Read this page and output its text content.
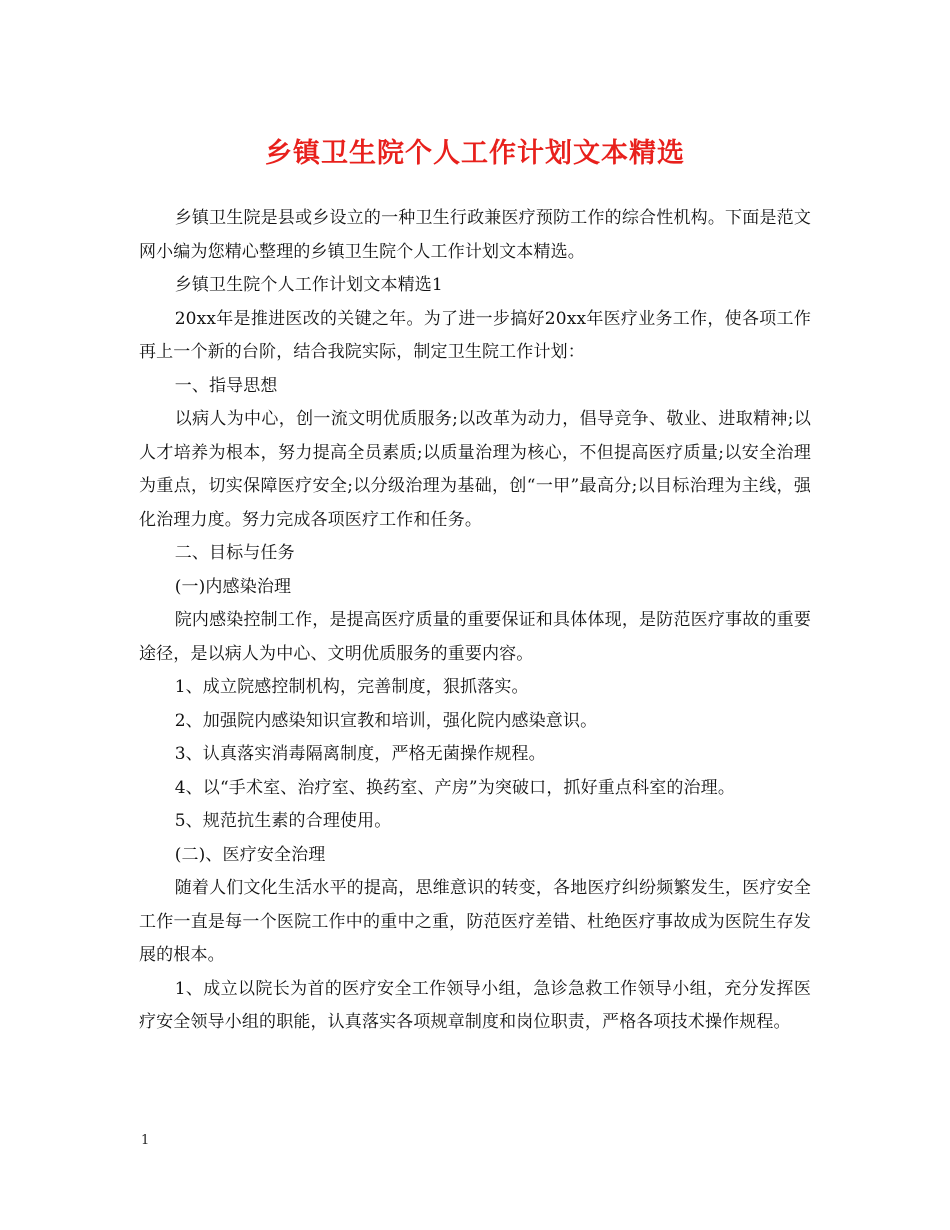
乡镇卫生院个人工作计划文本精选

乡镇卫生院是县或乡设立的一种卫生行政兼医疗预防工作的综合性机构。下面是范文网小编为您精心整理的乡镇卫生院个人工作计划文本精选。

乡镇卫生院个人工作计划文本精选1

20xx年是推进医改的关键之年。为了进一步搞好20xx年医疗业务工作，使各项工作再上一个新的台阶，结合我院实际，制定卫生院工作计划：

一、指导思想

以病人为中心，创一流文明优质服务;以改革为动力，倡导竞争、敬业、进取精神;以人才培养为根本，努力提高全员素质;以质量治理为核心，不但提高医疗质量;以安全治理为重点，切实保障医疗安全;以分级治理为基础，创“一甲”最高分;以目标治理为主线，强化治理力度。努力完成各项医疗工作和任务。

二、目标与任务

(一)内感染治理

院内感染控制工作，是提高医疗质量的重要保证和具体体现，是防范医疗事故的重要途径，是以病人为中心、文明优质服务的重要内容。

1、成立院感控制机构，完善制度，狠抓落实。

2、加强院内感染知识宣教和培训，强化院内感染意识。

3、认真落实消毒隔离制度，严格无菌操作规程。

4、以“手术室、治疗室、换药室、产房”为突破口，抓好重点科室的治理。

5、规范抗生素的合理使用。

(二)、医疗安全治理

随着人们文化生活水平的提高，思维意识的转变，各地医疗纠纷频繁发生，医疗安全工作一直是每一个医院工作中的重中之重，防范医疗差错、杜绝医疗事故成为医院生存发展的根本。

1、成立以院长为首的医疗安全工作领导小组，急诊急救工作领导小组，充分发挥医疗安全领导小组的职能，认真落实各项规章制度和岗位职责，严格各项技术操作规程。

1
